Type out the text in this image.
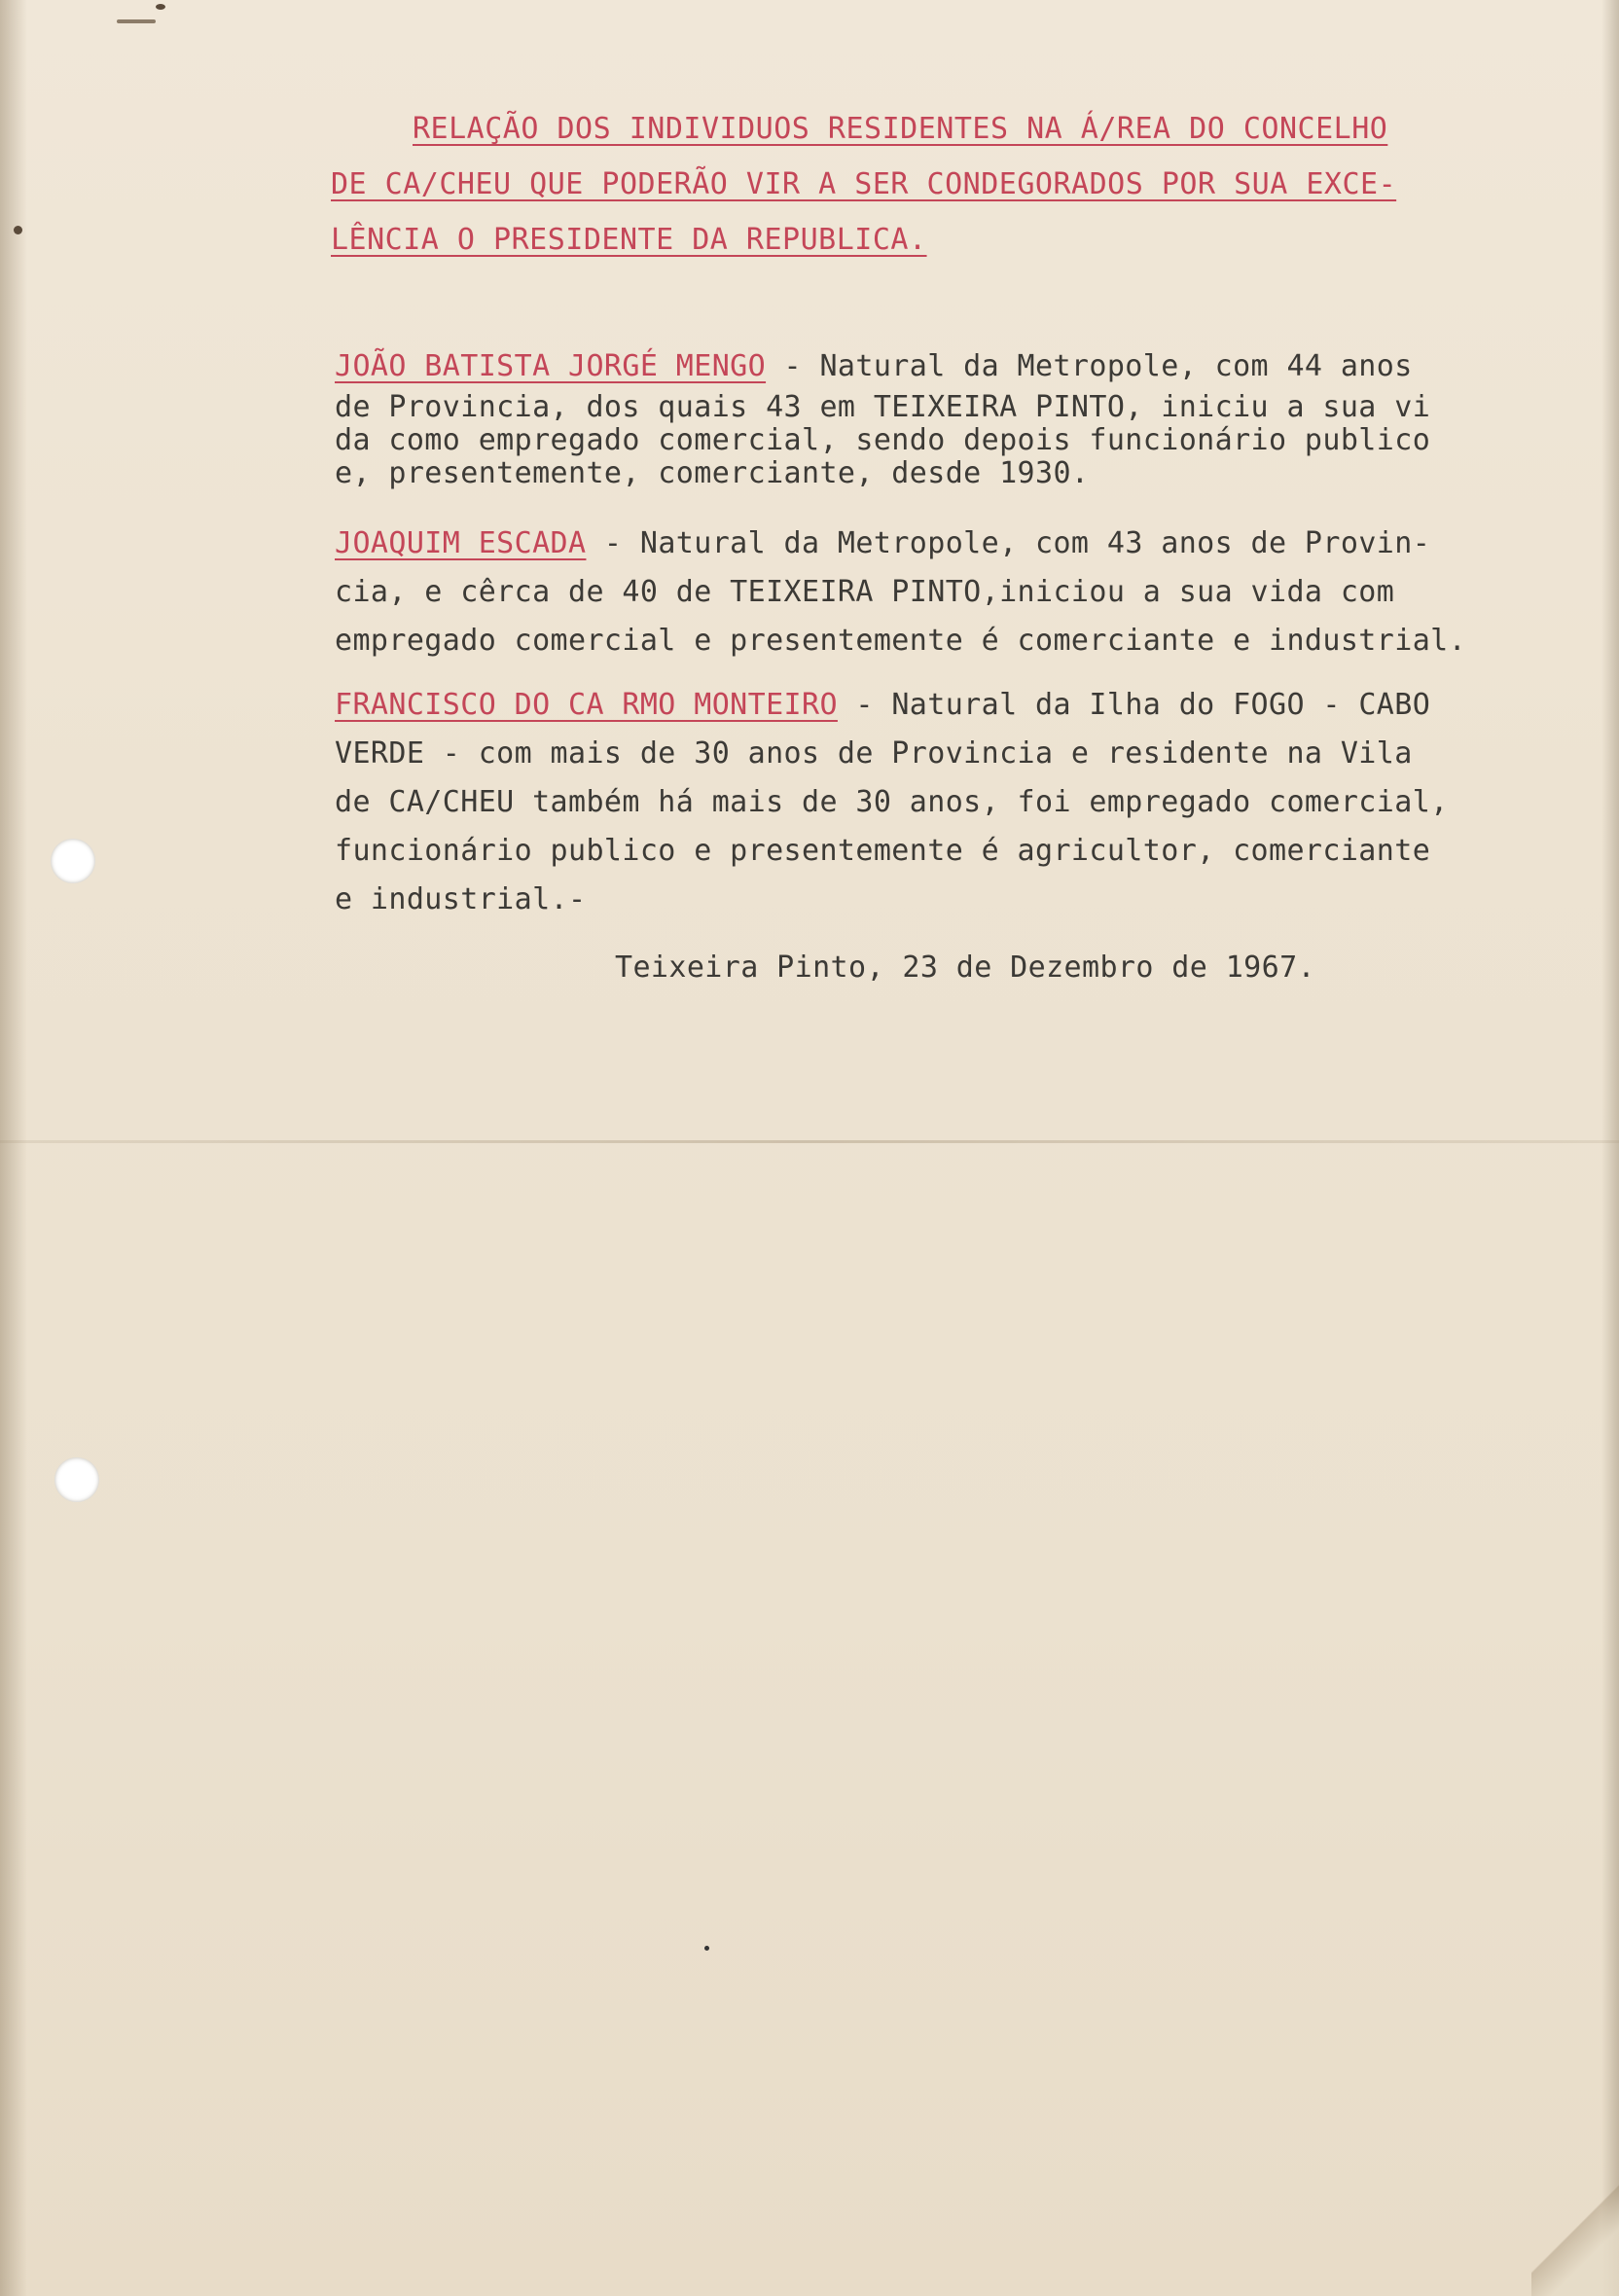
RELAÇÃO DOS INDIVIDUOS RESIDENTES NA Á/REA DO CONCELHO
DE CA/CHEU QUE PODERÃO VIR A SER CONDEGORADOS POR SUA EXCE-
LÊNCIA O PRESIDENTE DA REPUBLICA.
JOÃO BATISTA JORGÉ MENGO - Natural da Metropole, com 44 anos
de Provincia, dos quais 43 em TEIXEIRA PINTO, iniciu a sua vi
da como empregado comercial, sendo depois funcionário publico
e, presentemente, comerciante, desde 1930.
JOAQUIM ESCADA - Natural da Metropole, com 43 anos de Provin-
cia, e cêrca de 40 de TEIXEIRA PINTO,iniciou a sua vida com
empregado comercial e presentemente é comerciante e industrial.
FRANCISCO DO CA RMO MONTEIRO - Natural da Ilha do FOGO - CABO
VERDE - com mais de 30 anos de Provincia e residente na Vila
de CA/CHEU também há mais de 30 anos, foi empregado comercial,
funcionário publico e presentemente é agricultor, comerciante
e industrial.-
Teixeira Pinto, 23 de Dezembro de 1967.
